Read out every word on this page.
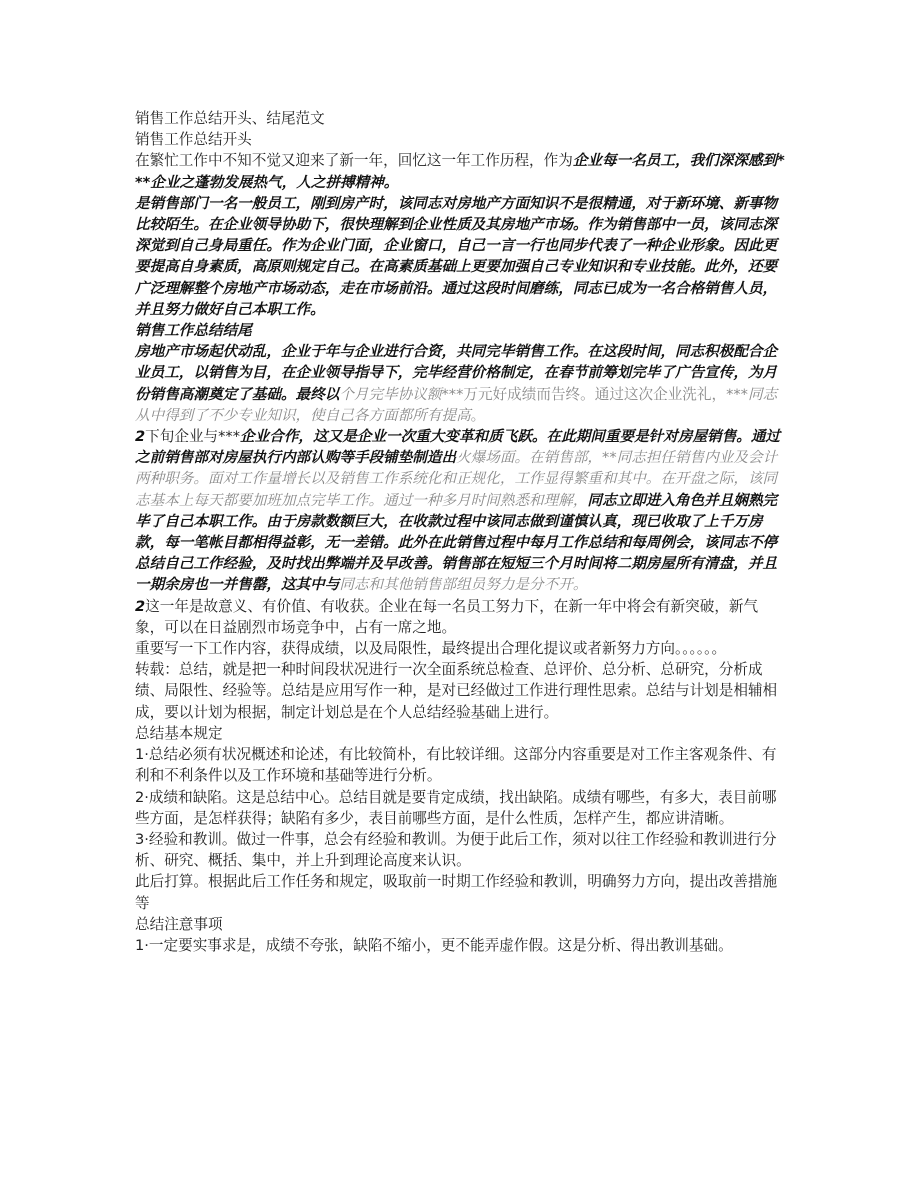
销售工作总结开头、结尾范文

销售工作总结开头

在繁忙工作中不知不觉又迎来了新一年，回忆这一年工作历程，作为企业每一名员工，我们深深感到***企业之蓬勃发展热气，人之拼搏精神。

是销售部门一名一般员工，刚到房产时，该同志对房地产方面知识不是很精通，对于新环境、新事物比较陌生。在企业领导协助下，很快理解到企业性质及其房地产市场。作为销售部中一员，该同志深深觉到自己身局重任。作为企业门面，企业窗口，自己一言一行也同步代表了一种企业形象。因此更要提高自身素质，高原则规定自己。在高素质基础上更要加强自己专业知识和专业技能。此外，还要广泛理解整个房地产市场动态，走在市场前沿。通过这段时间磨练，同志已成为一名合格销售人员，并且努力做好自己本职工作。

销售工作总结结尾

房地产市场起伏动乱，企业于年与企业进行合资，共同完毕销售工作。在这段时间，同志积极配合企业员工，以销售为目，在企业领导指导下，完毕经营价格制定，在春节前筹划完毕了广告宣传，为月份销售高潮奠定了基础。最终以个月完毕协议额***万元好成绩而告终。通过这次企业洗礼，***同志从中得到了不少专业知识，使自己各方面都所有提高。

2下旬企业与***企业合作，这又是企业一次重大变革和质飞跃。在此期间重要是针对房屋销售。通过之前销售部对房屋执行内部认购等手段铺垫制造出火爆场面。在销售部，**同志担任销售内业及会计两种职务。面对工作量增长以及销售工作系统化和正规化，工作显得繁重和其中。在开盘之际，该同志基本上每天都要加班加点完毕工作。通过一种多月时间熟悉和理解，同志立即进入角色并且娴熟完毕了自己本职工作。由于房款数额巨大，在收款过程中该同志做到谨慎认真，现已收取了上千万房款，每一笔帐目都相得益彰，无一差错。此外在此销售过程中每月工作总结和每周例会，该同志不停总结自己工作经验，及时找出弊端并及早改善。销售部在短短三个月时间将二期房屋所有清盘，并且一期余房也一并售罄，这其中与同志和其他销售部组员努力是分不开。

2这一年是故意义、有价值、有收获。企业在每一名员工努力下，在新一年中将会有新突破，新气象，可以在日益剧烈市场竞争中，占有一席之地。

重要写一下工作内容，获得成绩，以及局限性，最终提出合理化提议或者新努力方向。。。。。。

转载：总结，就是把一种时间段状况进行一次全面系统总检查、总评价、总分析、总研究，分析成绩、局限性、经验等。总结是应用写作一种，是对已经做过工作进行理性思索。总结与计划是相辅相成，要以计划为根据，制定计划总是在个人总结经验基础上进行。

总结基本规定

1·总结必须有状况概述和论述，有比较简朴，有比较详细。这部分内容重要是对工作主客观条件、有利和不利条件以及工作环境和基础等进行分析。

2·成绩和缺陷。这是总结中心。总结目就是要肯定成绩，找出缺陷。成绩有哪些，有多大，表目前哪些方面，是怎样获得；缺陷有多少，表目前哪些方面，是什么性质，怎样产生，都应讲清晰。

3·经验和教训。做过一件事，总会有经验和教训。为便于此后工作，须对以往工作经验和教训进行分析、研究、概括、集中，并上升到理论高度来认识。

此后打算。根据此后工作任务和规定，吸取前一时期工作经验和教训，明确努力方向，提出改善措施等

总结注意事项

1·一定要实事求是，成绩不夸张，缺陷不缩小，更不能弄虚作假。这是分析、得出教训基础。
